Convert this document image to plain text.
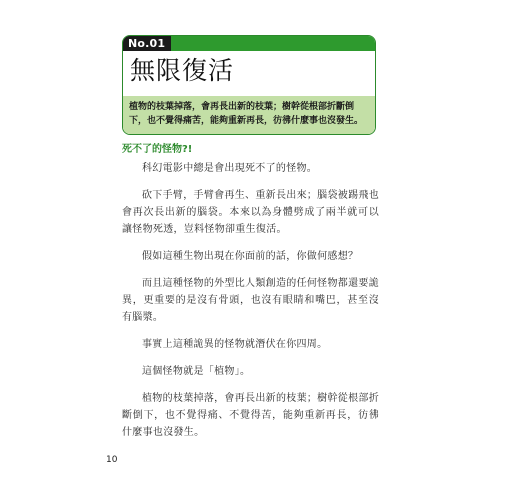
No.01
無限復活
植物的枝葉掉落，會再長出新的枝葉；樹幹從根部折斷倒下，也不覺得痛苦，能夠重新再長，彷彿什麼事也沒發生。
死不了的怪物?!

科幻電影中總是會出現死不了的怪物。

砍下手臂，手臂會再生、重新長出來；腦袋被踢飛也會再次長出新的腦袋。本來以為身體劈成了兩半就可以讓怪物死透，豈料怪物卻重生復活。

假如這種生物出現在你面前的話，你做何感想？

而且這種怪物的外型比人類創造的任何怪物都還要詭異，更重要的是沒有骨頭，也沒有眼睛和嘴巴，甚至沒有腦漿。

事實上這種詭異的怪物就潛伏在你四周。

這個怪物就是「植物」。

植物的枝葉掉落，會再長出新的枝葉；樹幹從根部折斷倒下，也不覺得痛、不覺得苦，能夠重新再長，彷彿什麼事也沒發生。

10
